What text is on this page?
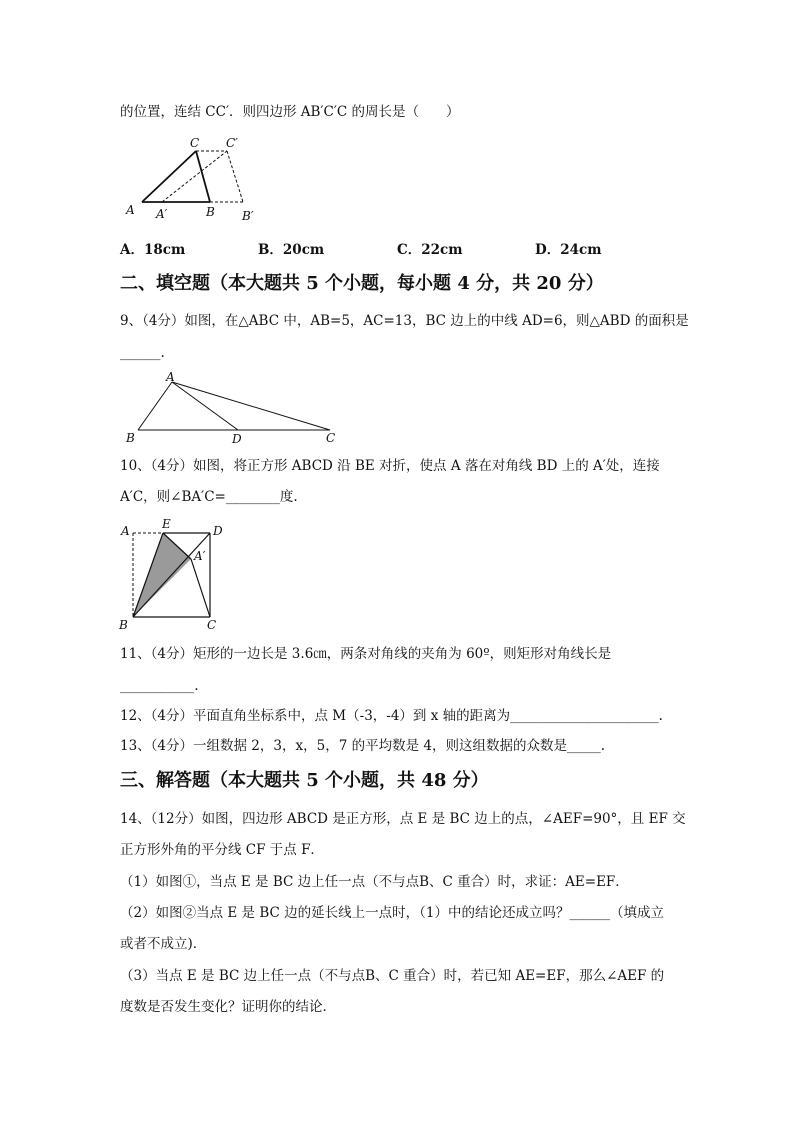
的位置，连结 CC′．则四边形 AB′C′C 的周长是（　　）
A A′	B B′
C C′
A．18cm	B．20cm	C．22cm	D．24cm
二、填空题（本大题共 5 个小题，每小题 4 分，共 20 分）
9、（4分）如图，在△ABC 中，AB=5，AC=13，BC 边上的中线 AD=6，则△ABD 的面积是
______.
A
B	D	C
10、（4分）如图，将正方形 ABCD 沿 BE 对折，使点 A 落在对角线 BD 上的 A′处，连接
A′C，则∠BA′C=________度.
A	E	D
A′
B	C
11、（4分）矩形的一边长是 3.6㎝，两条对角线的夹角为 60º，则矩形对角线长是
___________.
12、（4分）平面直角坐标系中，点 M（-3，-4）到 x 轴的距离为______________________.
13、（4分）一组数据 2，3，x，5，7 的平均数是 4，则这组数据的众数是_____.
三、解答题（本大题共 5 个小题，共 48 分）
14、（12分）如图，四边形 ABCD 是正方形，点 E 是 BC 边上的点，∠AEF=90°，且 EF 交
正方形外角的平分线 CF 于点 F．
（1）如图①，当点 E 是 BC 边上任一点（不与点B、C 重合）时，求证：AE=EF．
（2）如图②当点 E 是 BC 边的延长线上一点时，（1）中的结论还成立吗？______（填成立
或者不成立)．
（3）当点 E 是 BC 边上任一点（不与点B、C 重合）时，若已知 AE=EF，那么∠AEF 的
度数是否发生变化？证明你的结论．
